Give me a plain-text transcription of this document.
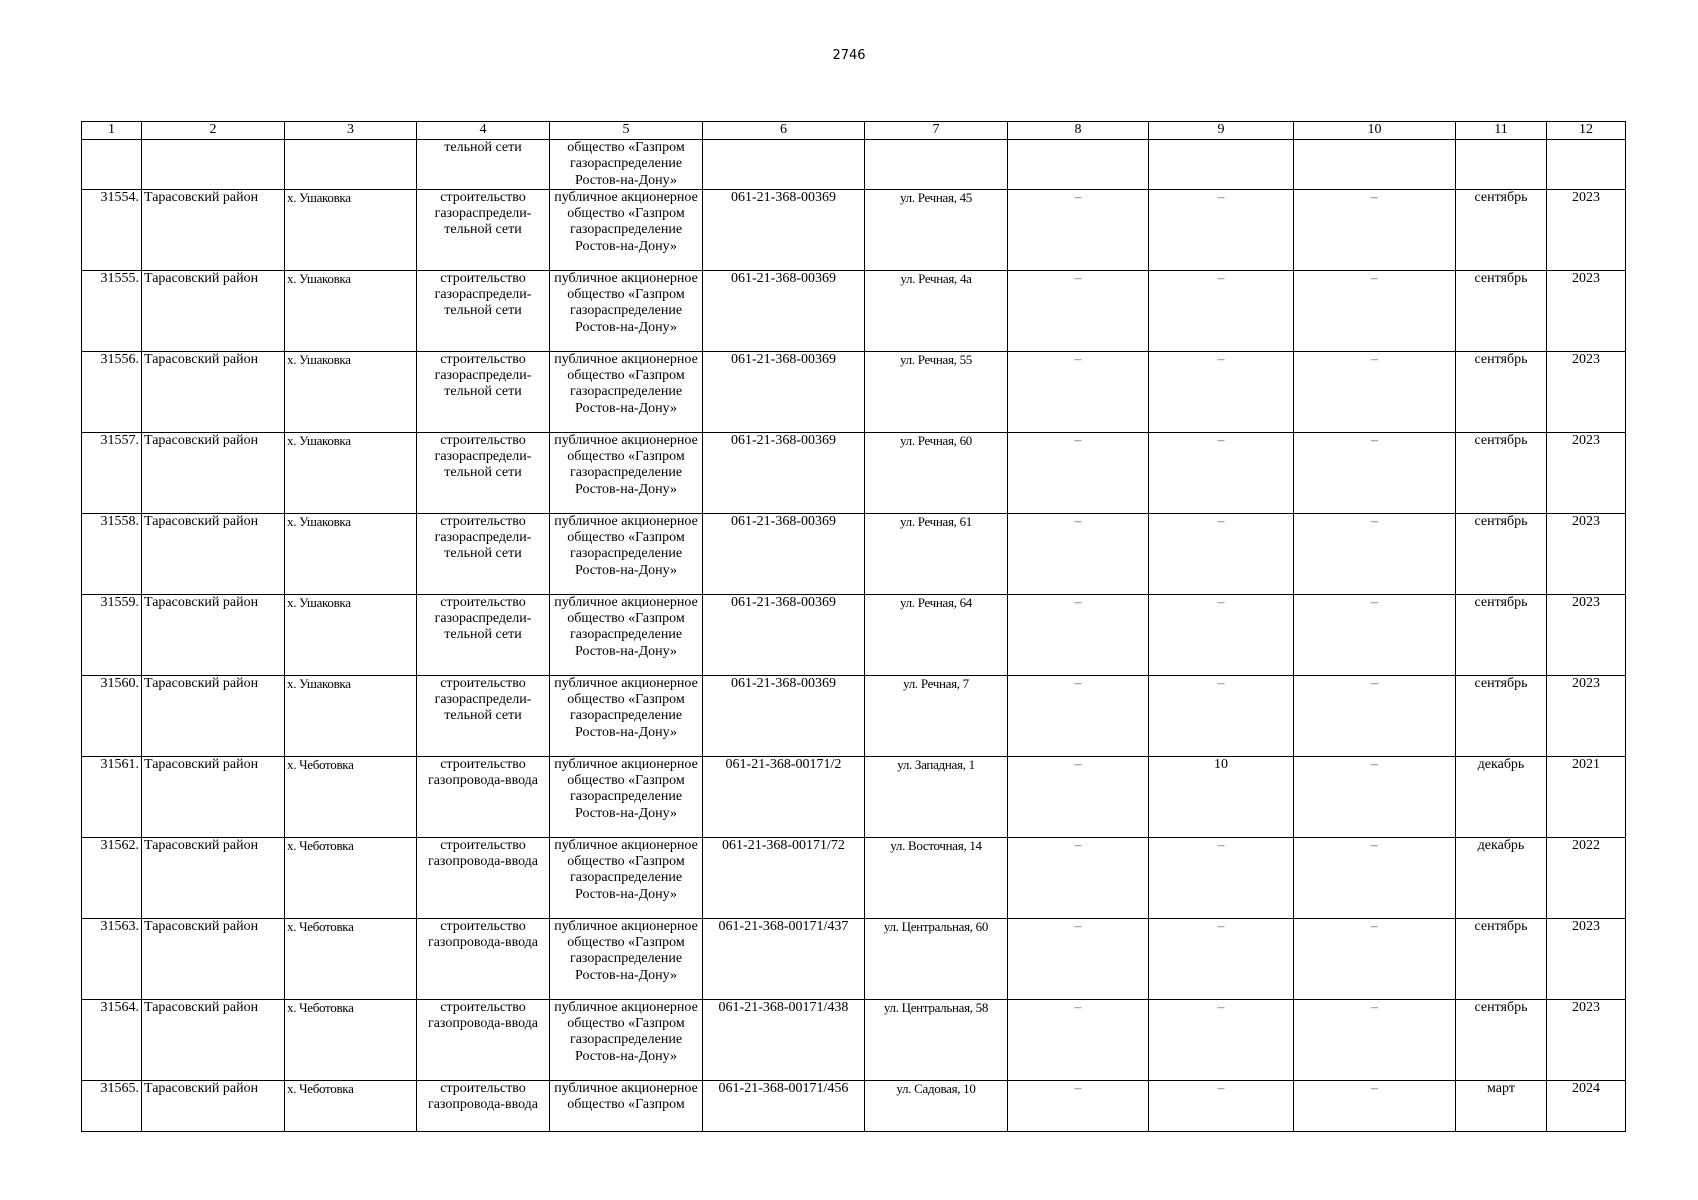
2746
1	2	3	4	5	6	7	8	9	10	11	12
			тельной сети	общество «Газпром газораспределение Ростов-на-Дону»							
31554.	Тарасовский район	х. Ушаковка	строительство газораспредели-тельной сети	публичное акционерное общество «Газпром газораспределение Ростов-на-Дону»	061-21-368-00369	ул. Речная, 45	–	–	–	сентябрь	2023
31555.	Тарасовский район	х. Ушаковка	строительство газораспредели-тельной сети	публичное акционерное общество «Газпром газораспределение Ростов-на-Дону»	061-21-368-00369	ул. Речная, 4а	–	–	–	сентябрь	2023
31556.	Тарасовский район	х. Ушаковка	строительство газораспредели-тельной сети	публичное акционерное общество «Газпром газораспределение Ростов-на-Дону»	061-21-368-00369	ул. Речная, 55	–	–	–	сентябрь	2023
31557.	Тарасовский район	х. Ушаковка	строительство газораспредели-тельной сети	публичное акционерное общество «Газпром газораспределение Ростов-на-Дону»	061-21-368-00369	ул. Речная, 60	–	–	–	сентябрь	2023
31558.	Тарасовский район	х. Ушаковка	строительство газораспредели-тельной сети	публичное акционерное общество «Газпром газораспределение Ростов-на-Дону»	061-21-368-00369	ул. Речная, 61	–	–	–	сентябрь	2023
31559.	Тарасовский район	х. Ушаковка	строительство газораспредели-тельной сети	публичное акционерное общество «Газпром газораспределение Ростов-на-Дону»	061-21-368-00369	ул. Речная, 64	–	–	–	сентябрь	2023
31560.	Тарасовский район	х. Ушаковка	строительство газораспредели-тельной сети	публичное акционерное общество «Газпром газораспределение Ростов-на-Дону»	061-21-368-00369	ул. Речная, 7	–	–	–	сентябрь	2023
31561.	Тарасовский район	х. Чеботовка	строительство газопровода-ввода	публичное акционерное общество «Газпром газораспределение Ростов-на-Дону»	061-21-368-00171/2	ул. Западная, 1	–	10	–	декабрь	2021
31562.	Тарасовский район	х. Чеботовка	строительство газопровода-ввода	публичное акционерное общество «Газпром газораспределение Ростов-на-Дону»	061-21-368-00171/72	ул. Восточная, 14	–	–	–	декабрь	2022
31563.	Тарасовский район	х. Чеботовка	строительство газопровода-ввода	публичное акционерное общество «Газпром газораспределение Ростов-на-Дону»	061-21-368-00171/437	ул. Центральная, 60	–	–	–	сентябрь	2023
31564.	Тарасовский район	х. Чеботовка	строительство газопровода-ввода	публичное акционерное общество «Газпром газораспределение Ростов-на-Дону»	061-21-368-00171/438	ул. Центральная, 58	–	–	–	сентябрь	2023
31565.	Тарасовский район	х. Чеботовка	строительство газопровода-ввода	публичное акционерное общество «Газпром	061-21-368-00171/456	ул. Садовая, 10	–	–	–	март	2024
